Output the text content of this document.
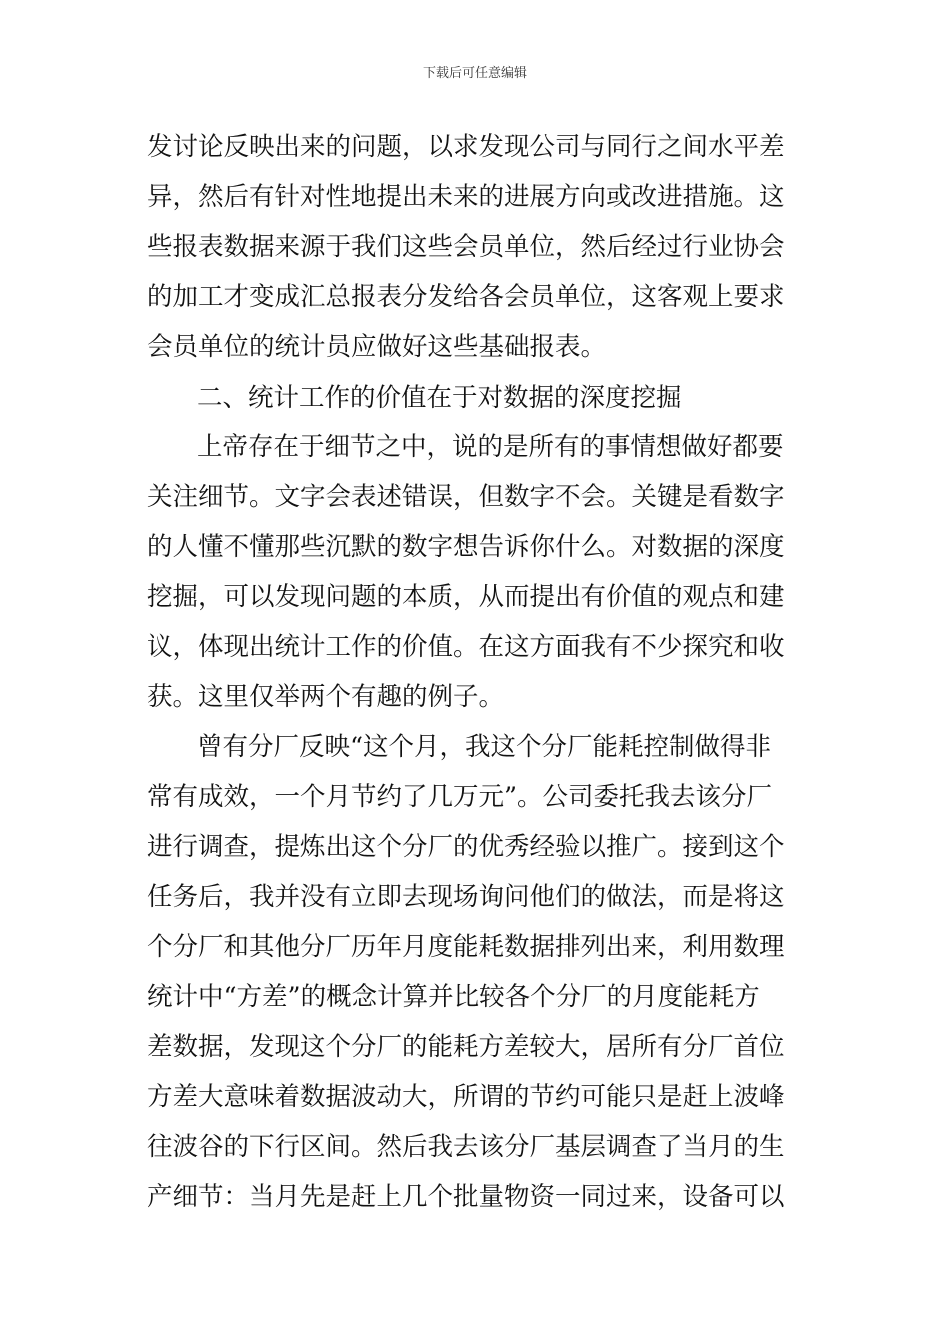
下载后可任意编辑
发讨论反映出来的问题，以求发现公司与同行之间水平差
异，然后有针对性地提出未来的进展方向或改进措施。这
些报表数据来源于我们这些会员单位，然后经过行业协会
的加工才变成汇总报表分发给各会员单位，这客观上要求
会员单位的统计员应做好这些基础报表。
二、统计工作的价值在于对数据的深度挖掘
上帝存在于细节之中，说的是所有的事情想做好都要
关注细节。文字会表述错误，但数字不会。关键是看数字
的人懂不懂那些沉默的数字想告诉你什么。对数据的深度
挖掘，可以发现问题的本质，从而提出有价值的观点和建
议，体现出统计工作的价值。在这方面我有不少探究和收
获。这里仅举两个有趣的例子。
曾有分厂反映“这个月，我这个分厂能耗控制做得非
常有成效，一个月节约了几万元”。公司委托我去该分厂
进行调查，提炼出这个分厂的优秀经验以推广。接到这个
任务后，我并没有立即去现场询问他们的做法，而是将这
个分厂和其他分厂历年月度能耗数据排列出来，利用数理
统计中“方差”的概念计算并比较各个分厂的月度能耗方
差数据，发现这个分厂的能耗方差较大，居所有分厂首位
方差大意味着数据波动大，所谓的节约可能只是赶上波峰
往波谷的下行区间。然后我去该分厂基层调查了当月的生
产细节：当月先是赶上几个批量物资一同过来，设备可以
